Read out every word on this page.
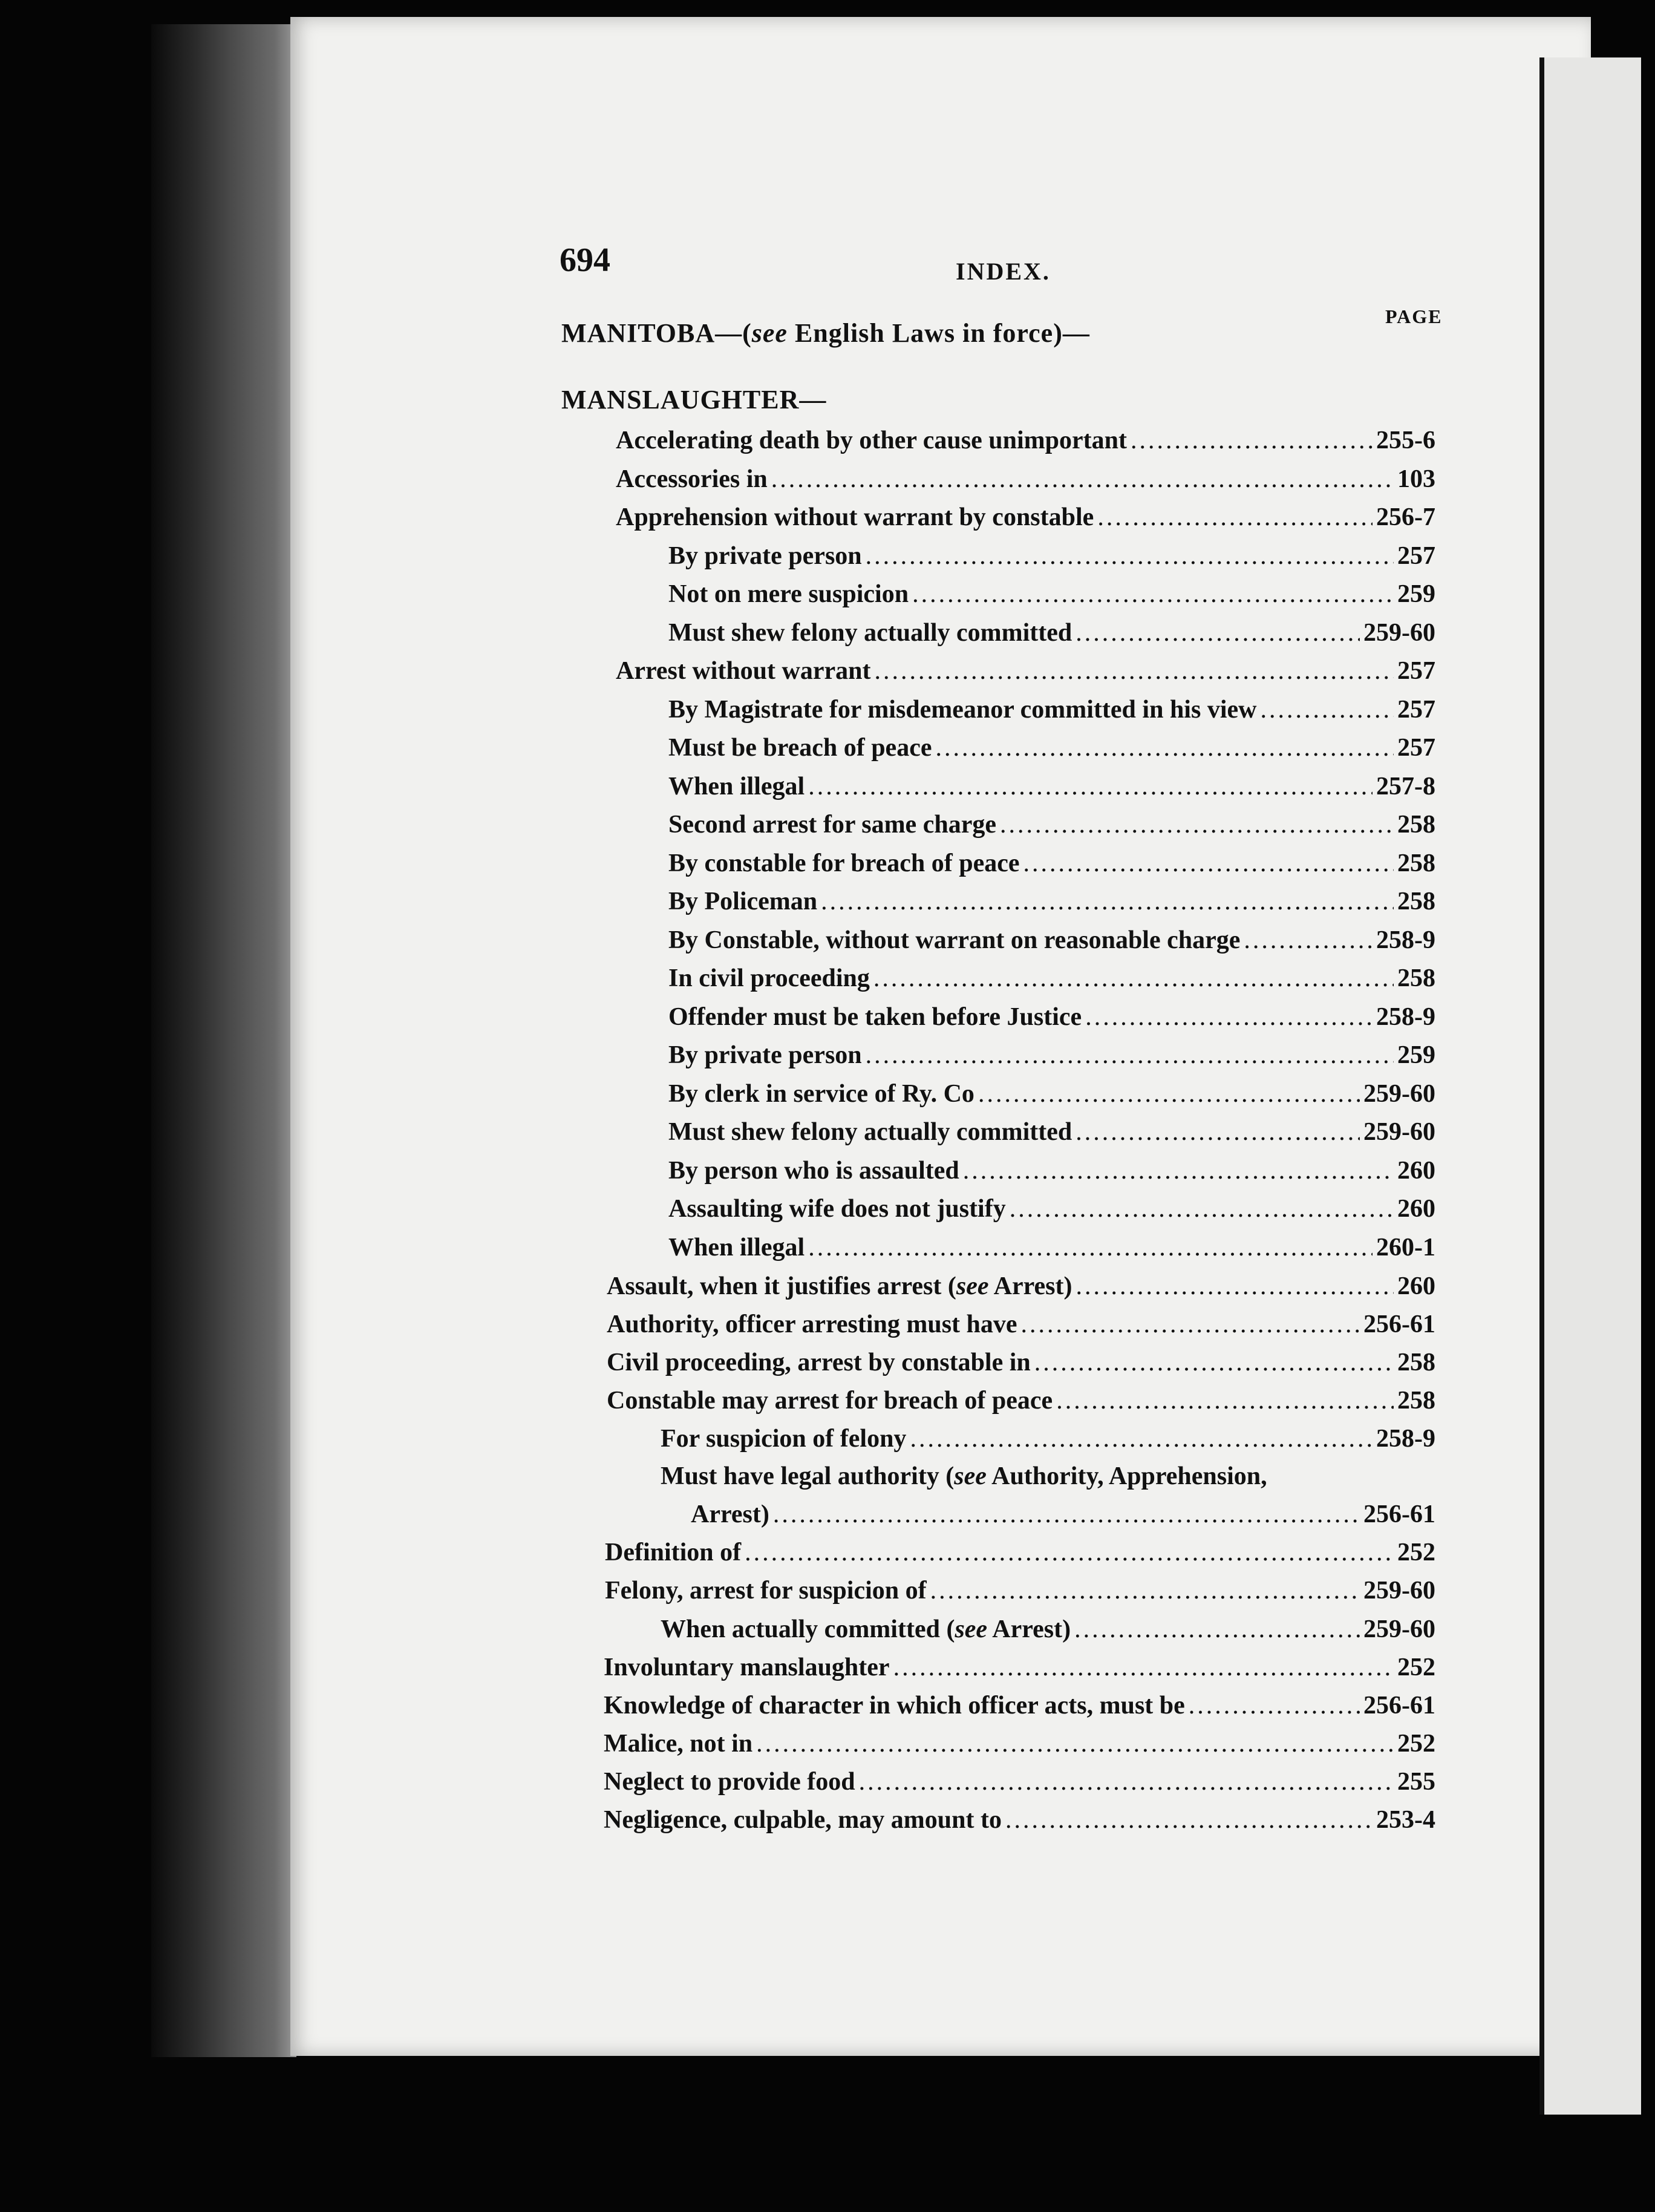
694	INDEX.
PAGE
MANITOBA—(see English Laws in force)—
MANSLAUGHTER—
Accelerating death by other cause unimportant .....	255-6
Accessories in .....	103
Apprehension without warrant by constable .....	256-7
By private person .....	257
Not on mere suspicion .....	259
Must shew felony actually committed .....	259-60
Arrest without warrant .....	257
By Magistrate for misdemeanor committed in his view .....	257
Must be breach of peace .....	257
When illegal .....	257-8
Second arrest for same charge .....	258
By constable for breach of peace .....	258
By Policeman .....	258
By Constable, without warrant on reasonable charge .....	258-9
In civil proceeding .....	258
Offender must be taken before Justice .....	258-9
By private person .....	259
By clerk in service of Ry. Co .....	259-60
Must shew felony actually committed .....	259-60
By person who is assaulted .....	260
Assaulting wife does not justify .....	260
When illegal .....	260-1
Assault, when it justifies arrest (see Arrest) .....	260
Authority, officer arresting must have .....	256-61
Civil proceeding, arrest by constable in .....	258
Constable may arrest for breach of peace .....	258
For suspicion of felony .....	258-9
Must have legal authority (see Authority, Apprehension,
Arrest) .....	256-61
Definition of .....	252
Felony, arrest for suspicion of .....	259-60
When actually committed (see Arrest) .....	259-60
Involuntary manslaughter .....	252
Knowledge of character in which officer acts, must be .....	256-61
Malice, not in .....	252
Neglect to provide food .....	255
Negligence, culpable, may amount to .....	253-4
